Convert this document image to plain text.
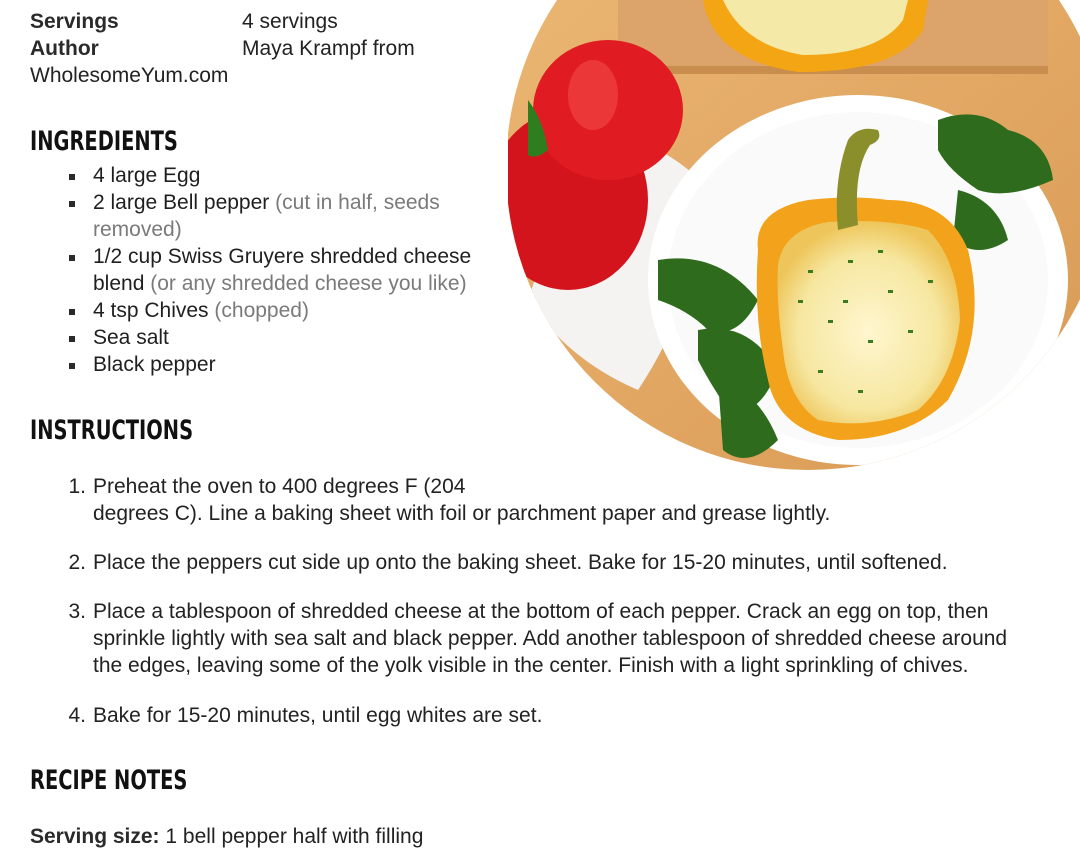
Servings	4 servings
Author	Maya Krampf from
WholesomeYum.com
INGREDIENTS
4 large Egg
2 large Bell pepper (cut in half, seeds removed)
1/2 cup Swiss Gruyere shredded cheese blend (or any shredded cheese you like)
4 tsp Chives (chopped)
Sea salt
Black pepper
INSTRUCTIONS
1. Preheat the oven to 400 degrees F (204
degrees C). Line a baking sheet with foil or parchment paper and grease lightly.
2. Place the peppers cut side up onto the baking sheet. Bake for 15-20 minutes, until softened.
3. Place a tablespoon of shredded cheese at the bottom of each pepper. Crack an egg on top, then
sprinkle lightly with sea salt and black pepper. Add another tablespoon of shredded cheese around
the edges, leaving some of the yolk visible in the center. Finish with a light sprinkling of chives.
4. Bake for 15-20 minutes, until egg whites are set.
RECIPE NOTES
Serving size: 1 bell pepper half with filling
